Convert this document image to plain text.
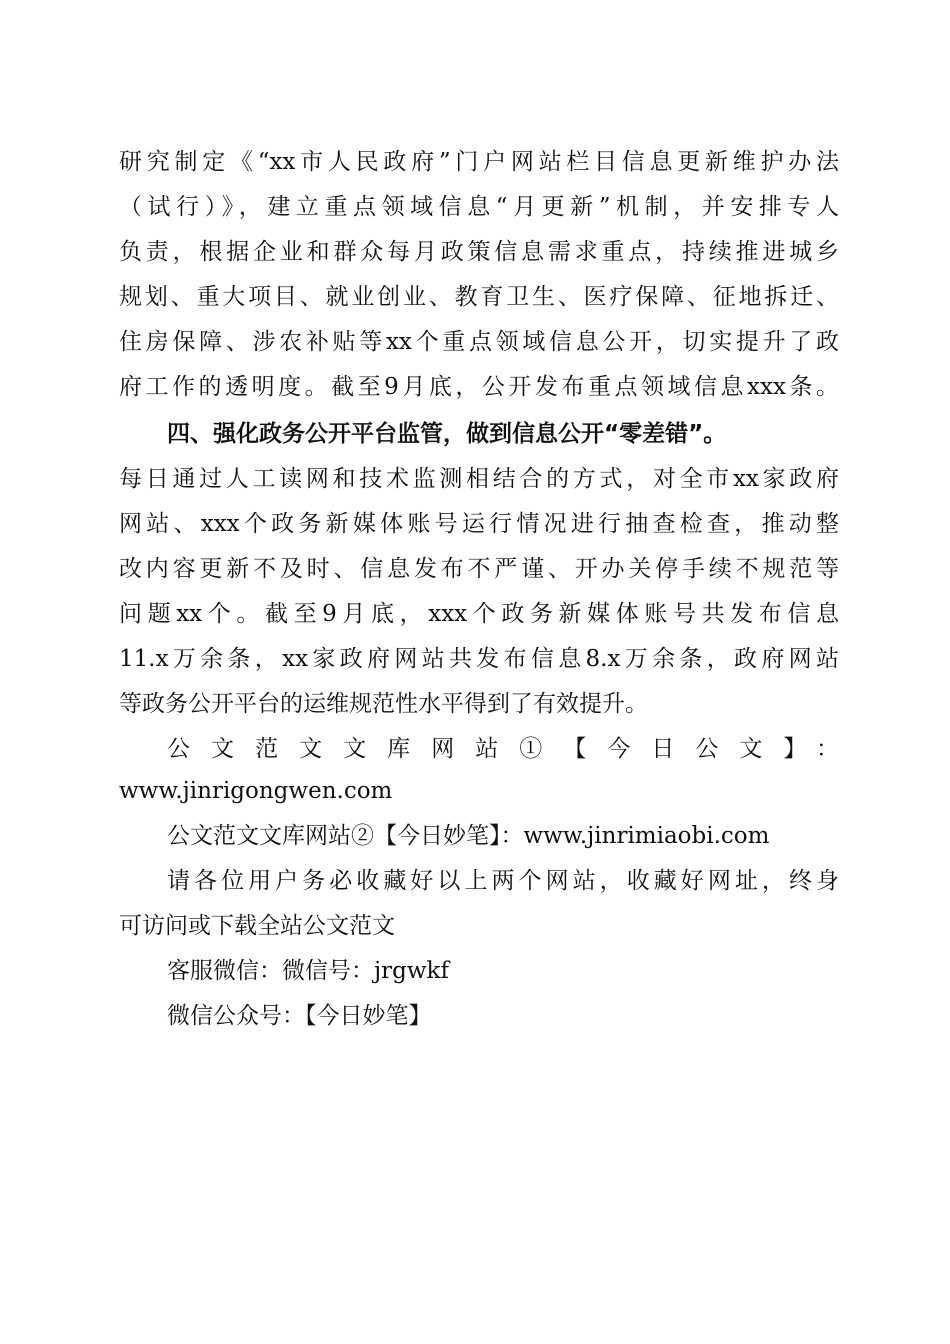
研究制定《“xx市人民政府”门户网站栏目信息更新维护办法
（试行）》，建立重点领域信息“月更新”机制，并安排专人
负责，根据企业和群众每月政策信息需求重点，持续推进城乡
规划、重大项目、就业创业、教育卫生、医疗保障、征地拆迁、
住房保障、涉农补贴等xx个重点领域信息公开，切实提升了政
府工作的透明度。截至9月底，公开发布重点领域信息xxx条。
四、强化政务公开平台监管，做到信息公开“零差错”。
每日通过人工读网和技术监测相结合的方式，对全市xx家政府
网站、xxx个政务新媒体账号运行情况进行抽查检查，推动整
改内容更新不及时、信息发布不严谨、开办关停手续不规范等
问题xx个。截至9月底，xxx个政务新媒体账号共发布信息
11.x万余条，xx家政府网站共发布信息8.x万余条，政府网站
等政务公开平台的运维规范性水平得到了有效提升。
公文范文文库网站①【今日公文】：
www.jinrigongwen.com
公文范文文库网站②【今日妙笔】：www.jinrimiaobi.com
请各位用户务必收藏好以上两个网站，收藏好网址，终身
可访问或下载全站公文范文
客服微信：微信号：jrgwkf
微信公众号：【今日妙笔】
